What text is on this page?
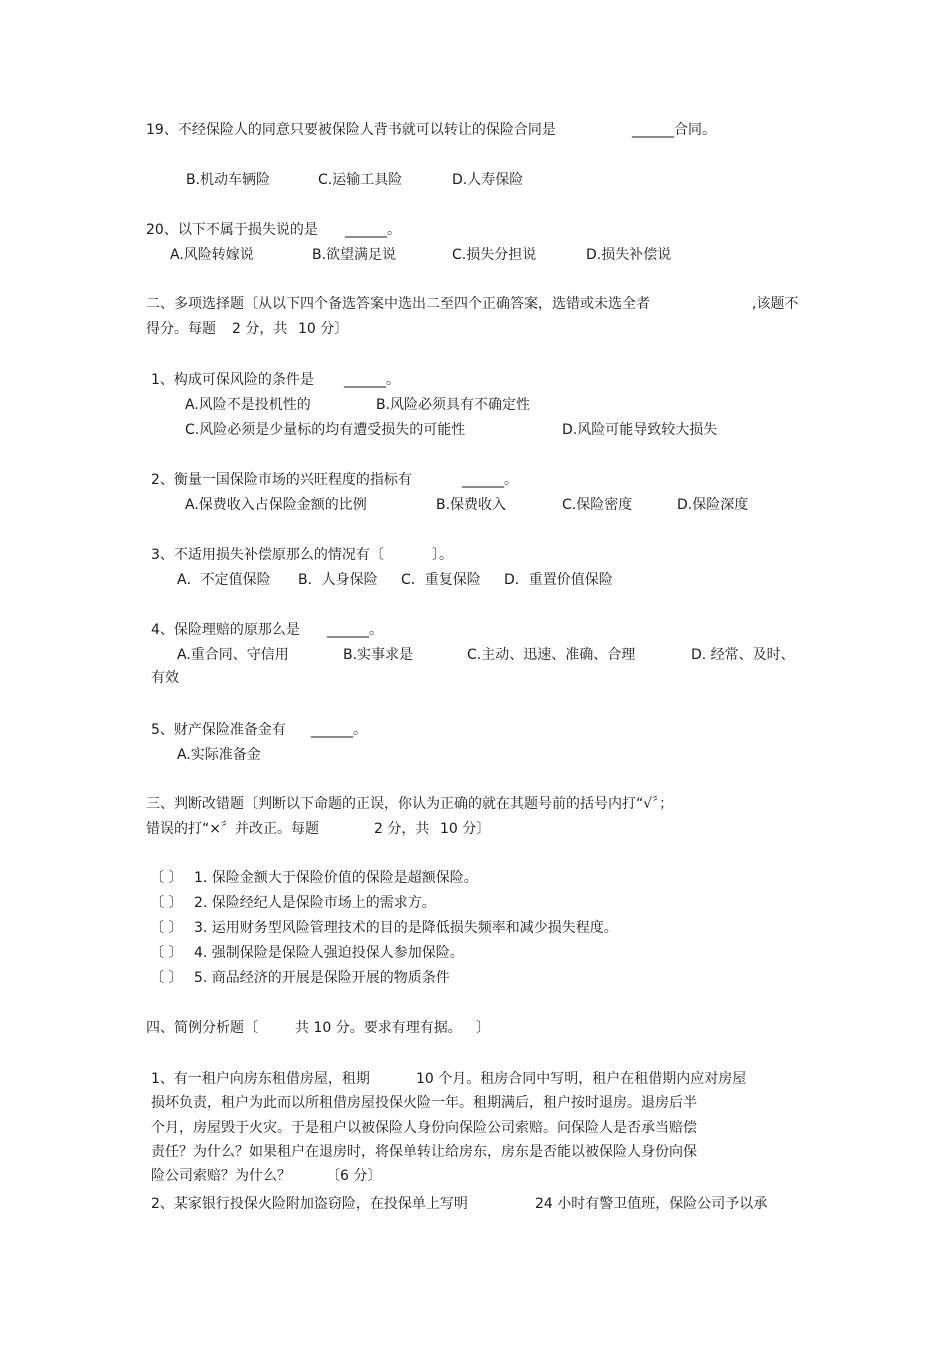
19、不经保险人的同意只要被保险人背书就可以转让的保险合同是	______合同。
B.机动车辆险	C.运输工具险	D.人寿保险
20、以下不属于损失说的是 ______。
A.风险转嫁说	B.欲望满足说	C.损失分担说	D.损失补偿说
二、多项选择题〔从以下四个备选答案中选出二至四个正确答案，选错或未选全者	,该题不
得分。每题 2 分，共 10 分〕
1、构成可保风险的条件是 ______。
A.风险不是投机性的	B.风险必须具有不确定性
C.风险必须是少量标的均有遭受损失的可能性	D.风险可能导致较大损失
2、衡量一国保险市场的兴旺程度的指标有	______。
A.保费收入占保险金额的比例	B.保费收入	C.保险密度	D.保险深度
3、不适用损失补偿原那么的情况有〔	〕。
A．不定值保险 B．人身保险 C．重复保险 D．重置价值保险
4、保险理赔的原那么是 ______。
A.重合同、守信用	B.实事求是	C.主动、迅速、准确、合理	D. 经常、及时、
有效
5、财产保险准备金有 ______。
A.实际准备金
三、判断改错题〔判断以下命题的正误，你认为正确的就在其题号前的括号内打“√〞；
错误的打“×〞并改正。每题	2 分，共 10 分〕
〔 〕 1. 保险金额大于保险价值的保险是超额保险。
〔 〕 2. 保险经纪人是保险市场上的需求方。
〔 〕 3. 运用财务型风险管理技术的目的是降低损失频率和减少损失程度。
〔 〕 4. 强制保险是保险人强迫投保人参加保险。
〔 〕 5. 商品经济的开展是保险开展的物质条件
四、简例分析题〔	共 10 分。要求有理有据。 〕
1、有一租户向房东租借房屋，租期	10 个月。租房合同中写明，租户在租借期内应对房屋
损坏负责，租户为此而以所租借房屋投保火险一年。租期满后，租户按时退房。退房后半
个月，房屋毁于火灾。于是租户以被保险人身份向保险公司索赔。问保险人是否承当赔偿
责任？为什么？如果租户在退房时，将保单转让给房东，房东是否能以被保险人身份向保
险公司索赔？为什么？	〔6 分〕
2、某家银行投保火险附加盗窃险，在投保单上写明	24 小时有警卫值班，保险公司予以承
